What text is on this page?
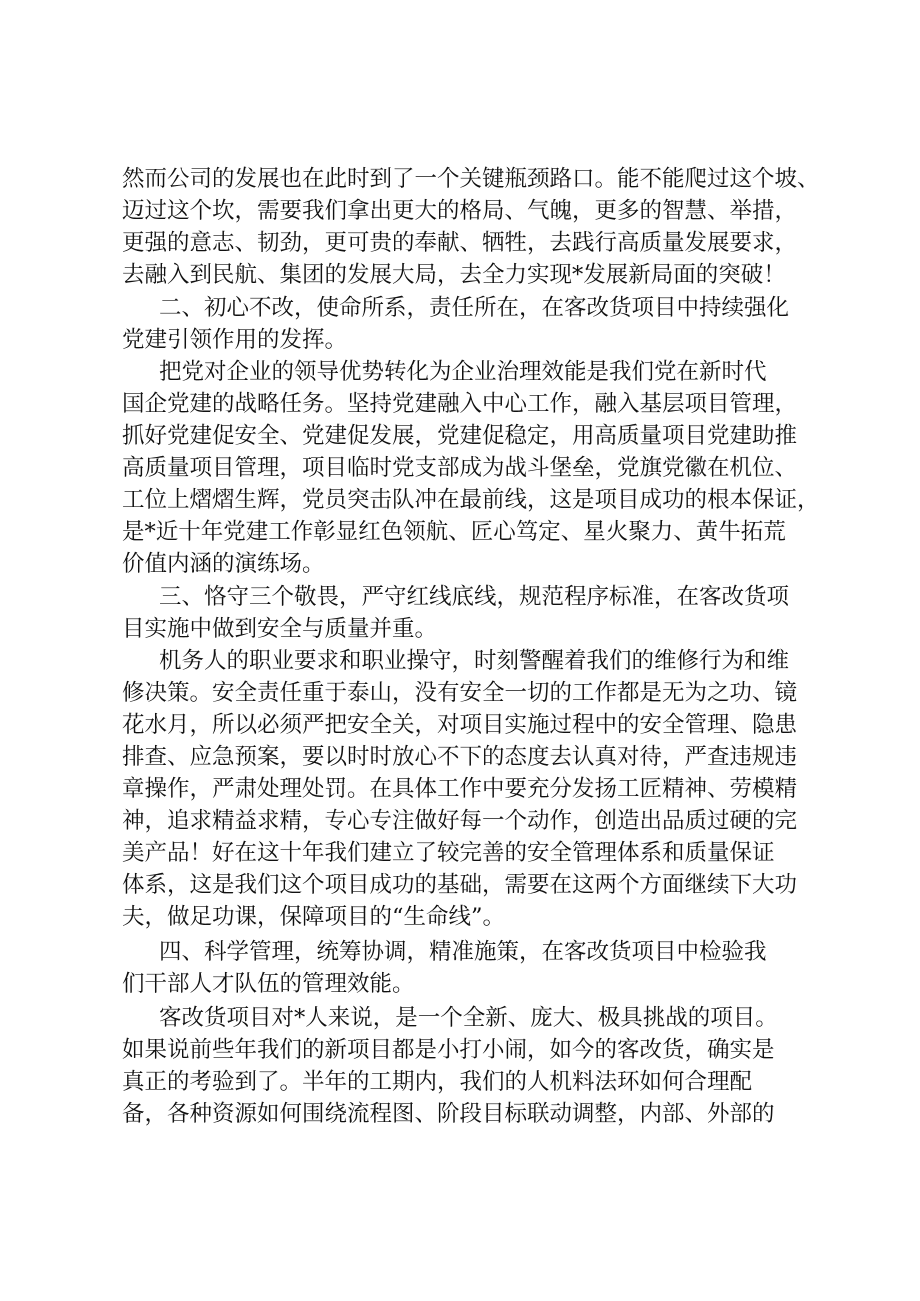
然而公司的发展也在此时到了一个关键瓶颈路口。能不能爬过这个坡、
迈过这个坎，需要我们拿出更大的格局、气魄，更多的智慧、举措，
更强的意志、韧劲，更可贵的奉献、牺牲，去践行高质量发展要求，
去融入到民航、集团的发展大局，去全力实现*发展新局面的突破！
二、初心不改，使命所系，责任所在，在客改货项目中持续强化
党建引领作用的发挥。
把党对企业的领导优势转化为企业治理效能是我们党在新时代
国企党建的战略任务。坚持党建融入中心工作，融入基层项目管理，
抓好党建促安全、党建促发展，党建促稳定，用高质量项目党建助推
高质量项目管理，项目临时党支部成为战斗堡垒，党旗党徽在机位、
工位上熠熠生辉，党员突击队冲在最前线，这是项目成功的根本保证，
是*近十年党建工作彰显红色领航、匠心笃定、星火聚力、黄牛拓荒
价值内涵的演练场。
三、恪守三个敬畏，严守红线底线，规范程序标准，在客改货项
目实施中做到安全与质量并重。
机务人的职业要求和职业操守，时刻警醒着我们的维修行为和维
修决策。安全责任重于泰山，没有安全一切的工作都是无为之功、镜
花水月，所以必须严把安全关，对项目实施过程中的安全管理、隐患
排查、应急预案，要以时时放心不下的态度去认真对待，严查违规违
章操作，严肃处理处罚。在具体工作中要充分发扬工匠精神、劳模精
神，追求精益求精，专心专注做好每一个动作，创造出品质过硬的完
美产品！好在这十年我们建立了较完善的安全管理体系和质量保证
体系，这是我们这个项目成功的基础，需要在这两个方面继续下大功
夫，做足功课，保障项目的“生命线”。
四、科学管理，统筹协调，精准施策，在客改货项目中检验我
们干部人才队伍的管理效能。
客改货项目对*人来说，是一个全新、庞大、极具挑战的项目。
如果说前些年我们的新项目都是小打小闹，如今的客改货，确实是
真正的考验到了。半年的工期内，我们的人机料法环如何合理配
备，各种资源如何围绕流程图、阶段目标联动调整，内部、外部的
